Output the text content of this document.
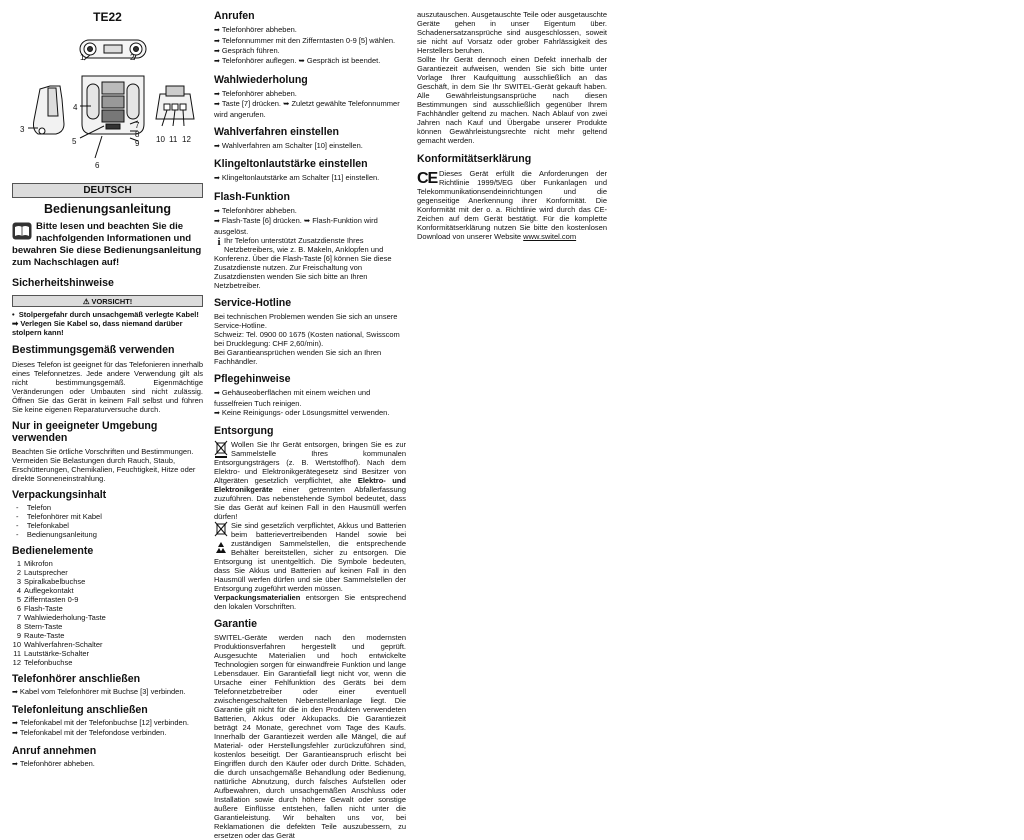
TE22
1	2
3
4
5
6
7
8
9 10 11 12
DEUTSCH
Bedienungsanleitung
Bitte lesen und beachten Sie die nachfolgenden Informationen und bewahren Sie diese Bedienungsanleitung zum Nachschlagen auf!
Sicherheitshinweise
⚠ VORSICHT!
•  Stolpergefahr durch unsachgemäß verlegte Kabel!
➡ Verlegen Sie Kabel so, dass niemand darüber stolpern kann!
Bestimmungsgemäß verwenden

Dieses Telefon ist geeignet für das Telefonieren innerhalb eines Telefonnetzes. Jede andere Verwendung gilt als nicht bestimmungsgemäß. Eigenmächtige Veränderungen oder Umbauten sind nicht zulässig. Öffnen Sie das Gerät in keinem Fall selbst und führen Sie keine eigenen Reparaturversuche durch.

Nur in geeigneter Umgebung verwenden

Beachten Sie örtliche Vorschriften und Bestimmungen.

Vermeiden Sie Belastungen durch Rauch, Staub, Erschütterungen, Chemikalien, Feuchtigkeit, Hitze oder direkte Sonneneinstrahlung.

Verpackungsinhalt
-    Telefon
-    Telefonhörer mit Kabel
-    Telefonkabel
-    Bedienungsanleitung
Bedienelemente
1 Mikrofon
2 Lautsprecher
3 Spiralkabelbuchse
4 Auflegekontakt
5 Zifferntasten 0-9
6 Flash-Taste
7 Wahlwiederholung-Taste
8 Stern-Taste
9 Raute-Taste
10 Wahlverfahren-Schalter
11 Lautstärke-Schalter
12 Telefonbuchse
Telefonhörer anschließen
➡ Kabel vom Telefonhörer mit Buchse [3] verbinden.
Telefonleitung anschließen
➡ Telefonkabel mit der Telefonbuchse [12] verbinden.
➡ Telefonkabel mit der Telefondose verbinden.
Anruf annehmen
➡ Telefonhörer abheben.
Anrufen
➡ Telefonhörer abheben.
➡ Telefonnummer mit den Zifferntasten 0-9 [5] wählen.
➡ Gespräch führen.
➡ Telefonhörer auflegen. ➥ Gespräch ist beendet.
Wahlwiederholung
➡ Telefonhörer abheben.
➡ Taste [7] drücken. ➥ Zuletzt gewählte Telefonnummer wird angerufen.
Wahlverfahren einstellen
➡ Wahlverfahren am Schalter [10] einstellen.
Klingeltonlautstärke einstellen
➡ Klingeltonlautstärke am Schalter [11] einstellen.
Flash-Funktion
➡ Telefonhörer abheben.
➡ Flash-Taste [6] drücken. ➥ Flash-Funktion wird ausgelöst.

i Ihr Telefon unterstützt Zusatzdienste Ihres Netzbetreibers, wie z. B. Makeln, Anklopfen und Konferenz. Über die Flash-Taste [6] können Sie diese Zusatzdienste nutzen. Zur Freischaltung von Zusatzdiensten wenden Sie sich bitte an Ihren Netzbetreiber.

Service-Hotline

Bei technischen Problemen wenden Sie sich an unsere Service-Hotline.

Schweiz: Tel. 0900 00 1675 (Kosten national, Swisscom bei Drucklegung: CHF 2,60/min).

Bei Garantieansprüchen wenden Sie sich an Ihren Fachhändler.

Pflegehinweise
➡ Gehäuseoberflächen mit einem weichen und fusselfreien Tuch reinigen.
➡ Keine Reinigungs- oder Lösungsmittel verwenden.
Entsorgung

Wollen Sie Ihr Gerät entsorgen, bringen Sie es zur Sammelstelle Ihres kommunalen Entsorgungsträgers (z. B. Wertstoffhof). Nach dem Elektro- und Elektronikgerätegesetz sind Besitzer von Altgeräten gesetzlich verpflichtet, alte Elektro- und Elektronikgeräte einer getrennten Abfallerfassung zuzuführen. Das nebenstehende Symbol bedeutet, dass Sie das Gerät auf keinen Fall in den Hausmüll werfen dürfen!

Sie sind gesetzlich verpflichtet, Akkus und Batterien beim batterievertreibenden Handel sowie bei zuständigen Sammelstellen, die entsprechende Behälter bereitstellen, sicher zu entsorgen. Die Entsorgung ist unentgeltlich. Die Symbole bedeuten, dass Sie Akkus und Batterien auf keinen Fall in den Hausmüll werfen dürfen und sie über Sammelstellen der Entsorgung zugeführt werden müssen.

Verpackungsmaterialien entsorgen Sie entsprechend den lokalen Vorschriften.

Garantie

SWITEL-Geräte werden nach den modernsten Produktionsverfahren hergestellt und geprüft. Ausgesuchte Materialien und hoch entwickelte Technologien sorgen für einwandfreie Funktion und lange Lebensdauer. Ein Garantiefall liegt nicht vor, wenn die Ursache einer Fehlfunktion des Geräts bei dem Telefonnetzbetreiber oder einer eventuell zwischengeschalteten Nebenstellenanlage liegt. Die Garantie gilt nicht für die in den Produkten verwendeten Batterien, Akkus oder Akkupacks. Die Garantiezeit beträgt 24 Monate, gerechnet vom Tage des Kaufs. Innerhalb der Garantiezeit werden alle Mängel, die auf Material- oder Herstellungsfehler zurückzuführen sind, kostenlos beseitigt. Der Garantieanspruch erlischt bei Eingriffen durch den Käufer oder durch Dritte. Schäden, die durch unsachgemäße Behandlung oder Bedienung, natürliche Abnutzung, durch falsches Aufstellen oder Aufbewahren, durch unsachgemäßen Anschluss oder Installation sowie durch höhere Gewalt oder sonstige äußere Einflüsse entstehen, fallen nicht unter die Garantieleistung. Wir behalten uns vor, bei Reklamationen die defekten Teile auszubessern, zu ersetzen oder das Gerät

auszutauschen. Ausgetauschte Teile oder ausgetauschte Geräte gehen in unser Eigentum über. Schadenersatzansprüche sind ausgeschlossen, soweit sie nicht auf Vorsatz oder grober Fahrlässigkeit des Herstellers beruhen.

Sollte Ihr Gerät dennoch einen Defekt innerhalb der Garantiezeit aufweisen, wenden Sie sich bitte unter Vorlage Ihrer Kaufquittung ausschließlich an das Geschäft, in dem Sie Ihr SWITEL-Gerät gekauft haben. Alle Gewährleistungsansprüche nach diesen Bestimmungen sind ausschließlich gegenüber Ihrem Fachhändler geltend zu machen. Nach Ablauf von zwei Jahren nach Kauf und Übergabe unserer Produkte können Gewährleistungsrechte nicht mehr geltend gemacht werden.

Konformitätserklärung

CE Dieses Gerät erfüllt die Anforderungen der Richtlinie 1999/5/EG über Funkanlagen und Telekommunikationsendeinrichtungen und die gegenseitige Anerkennung ihrer Konformität. Die Konformität mit der o. a. Richtlinie wird durch das CE-Zeichen auf dem Gerät bestätigt. Für die komplette Konformitätserklärung nutzen Sie bitte den kostenlosen Download von unserer Website www.switel.com
